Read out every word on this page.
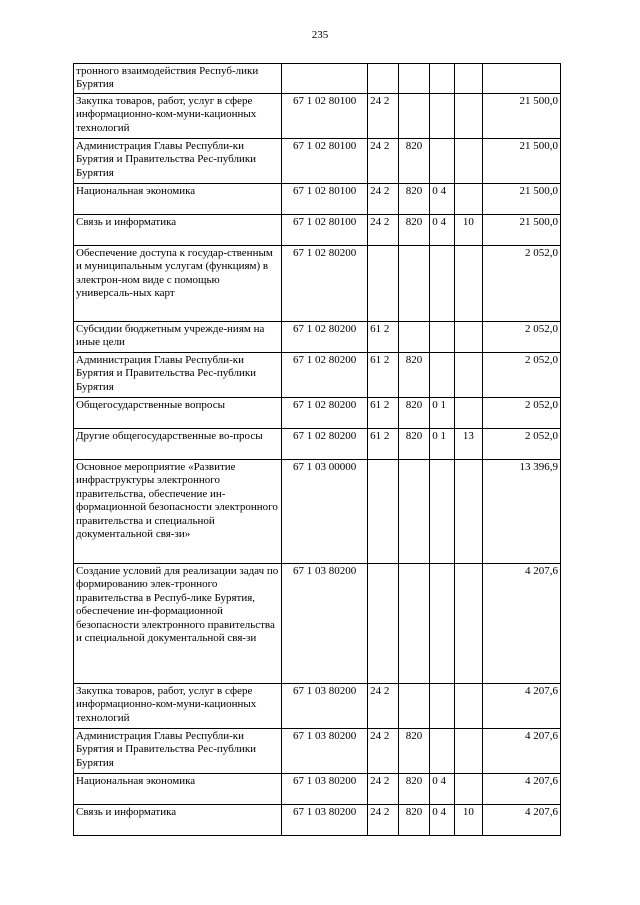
235
тронного взаимодействия Респуб-лики Бурятия						
Закупка товаров, работ, услуг в сфере информационно-ком-муни-кационных технологий	67 1 02 80100	24 2				21 500,0
Администрация Главы Республи-ки Бурятия и Правительства Рес-публики Бурятия	67 1 02 80100	24 2	820			21 500,0
Национальная экономика	67 1 02 80100	24 2	820	0 4		21 500,0
Связь и информатика	67 1 02 80100	24 2	820	0 4	10	21 500,0
Обеспечение доступа к государ-ственным и муниципальным услугам (функциям) в электрон-ном виде с помощью универсаль-ных карт	67 1 02 80200					2 052,0
Субсидии бюджетным учрежде-ниям на иные цели	67 1 02 80200	61 2				2 052,0
Администрация Главы Республи-ки Бурятия и Правительства Рес-публики Бурятия	67 1 02 80200	61 2	820			2 052,0
Общегосударственные вопросы	67 1 02 80200	61 2	820	0 1		2 052,0
Другие общегосударственные во-просы	67 1 02 80200	61 2	820	0 1	13	2 052,0
Основное мероприятие «Развитие инфраструктуры электронного правительства, обеспечение ин-формационной безопасности электронного правительства и специальной документальной свя-зи»	67 1 03 00000					13 396,9
Создание условий для реализации задач по формированию элек-тронного правительства в Респуб-лике Бурятия, обеспечение ин-формационной безопасности электронного правительства и специальной документальной свя-зи	67 1 03 80200					4 207,6
Закупка товаров, работ, услуг в сфере информационно-ком-муни-кационных технологий	67 1 03 80200	24 2				4 207,6
Администрация Главы Республи-ки Бурятия и Правительства Рес-публики Бурятия	67 1 03 80200	24 2	820			4 207,6
Национальная экономика	67 1 03 80200	24 2	820	0 4		4 207,6
Связь и информатика	67 1 03 80200	24 2	820	0 4	10	4 207,6
